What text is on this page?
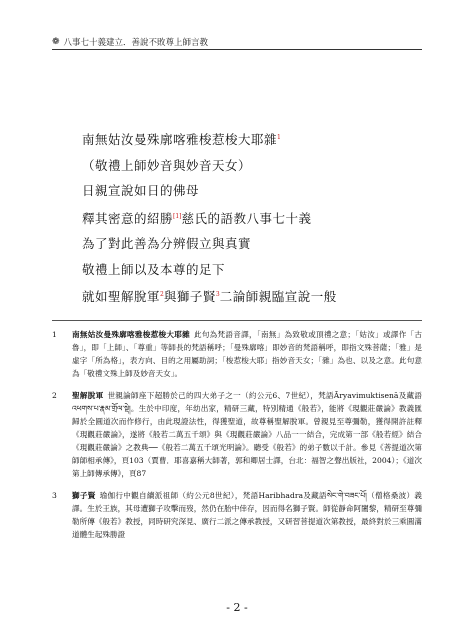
❁ 八事七十義建立．善說不敗尊上師言教
南無姑汝曼殊廓喀雅梭惹梭大耶雜$^1$
（敬禮上師妙音與妙音天女）
日親宣說如日的佛母
釋其密意的紹勝[1]慈氏的語教八事七十義
為了對此善為分辨假立與真實
敬禮上師以及本尊的足下
就如聖解脫軍$^2$與獅子賢$^3$二論師親臨宣說一般
1	南無姑汝曼殊廓喀雅梭惹梭大耶雜 此句為梵語音譯，「南無」為致敬或頂禮之意；「姑汝」或譯作「古魯」，即「上師」、「尊重」等師長的梵語稱呼；「曼殊廓喀」即妙音的梵語稱呼，即指文殊菩薩；「雅」是虛字「所為格」，表方向、目的之用屬助詞；「梭惹梭大耶」指妙音天女；「雜」為也、以及之意。此句意為「敬禮文殊上師及妙音天女」。
2	聖解脫軍 世親論師座下超勝於己的四大弟子之一（約公元6、7世紀），梵語Āryavimuktisenā及藏語འཕགས་པ་རྣམ་གྲོལ་སྡེ།。生於中印度，年幼出家，精研三藏，特別精通《般若》，能將《現觀莊嚴論》教義匯歸於全圓道次而作修行，由此現證法性，得獲聖道，故尊稱聖解脫軍。曾親見至尊彌勒，獲得開許註釋《現觀莊嚴論》，遂將《般若二萬五千頌》與《現觀莊嚴論》八品一一結合，完成第一部《般若經》結合《現觀莊嚴論》之教典──《般若二萬五千頌光明論》。聽受《般若》的弟子數以千計。參見《菩提道次第師師相承傳》，頁103（賈曹．耶喜嘉稱大師著，郭和卿居士譯，台北：福智之聲出版社，2004）；《道次第上師傳承傳》，頁87
3	獅子賢 瑜伽行中觀自續派祖師（約公元8世紀），梵語Haribhadra及藏語སེང་གེ་བཟང་པོ།（僧格桑波）義譯。生於王族，其母遭獅子攻擊而歿，然仍在胎中倖存，因而得名獅子賢。師從靜命阿闍黎，精研至尊彌勒所傳《般若》教授，同時研究深見、廣行二派之傳承教授，又研習菩提道次第教授，最終對於三乘圓滿道體生起殊勝證
- 2 -
